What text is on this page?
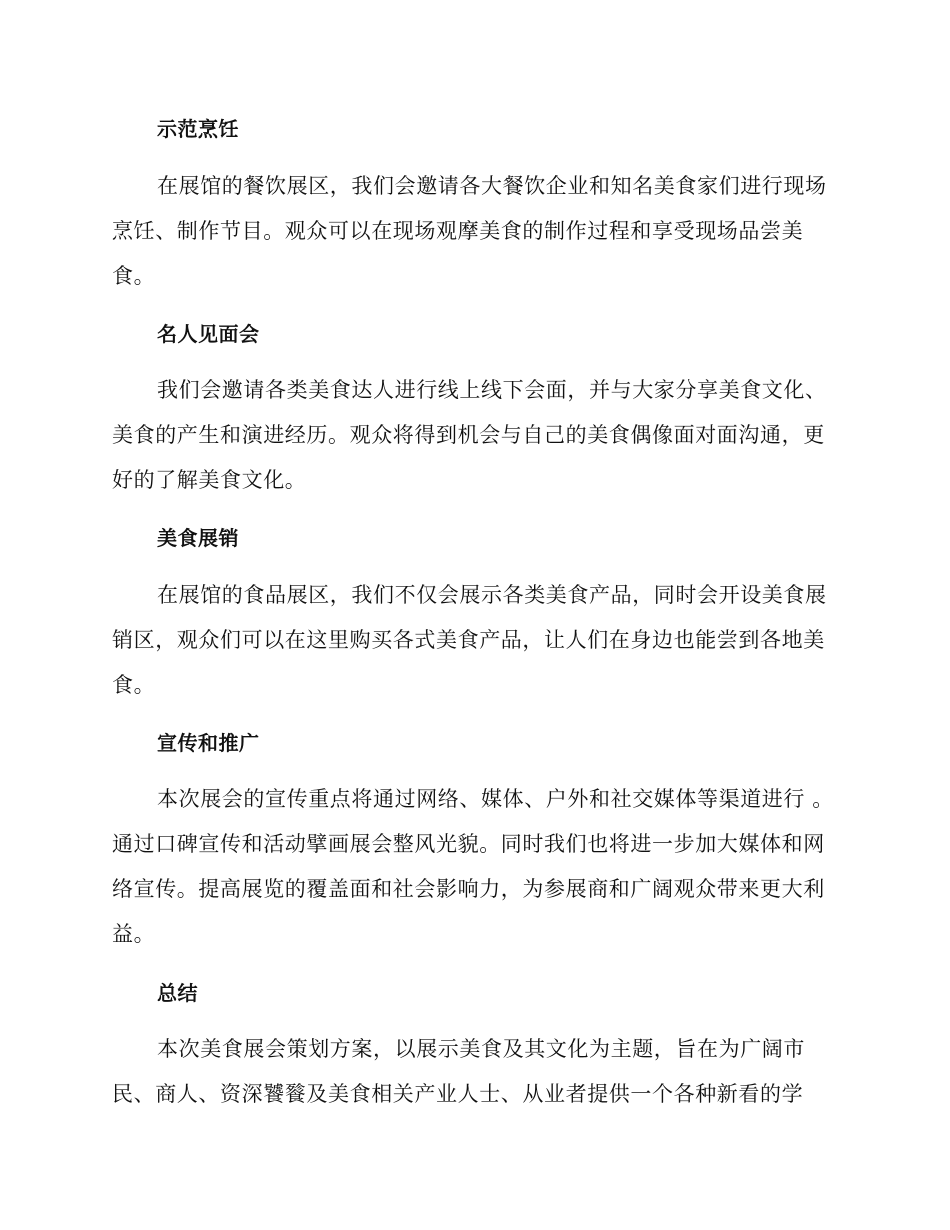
示范烹饪
在展馆的餐饮展区，我们会邀请各大餐饮企业和知名美食家们进行现场
烹饪、制作节目。观众可以在现场观摩美食的制作过程和享受现场品尝美
食。
名人见面会
我们会邀请各类美食达人进行线上线下会面，并与大家分享美食文化、
美食的产生和演进经历。观众将得到机会与自己的美食偶像面对面沟通，更
好的了解美食文化。
美食展销
在展馆的食品展区，我们不仅会展示各类美食产品，同时会开设美食展
销区，观众们可以在这里购买各式美食产品，让人们在身边也能尝到各地美
食。
宣传和推广
本次展会的宣传重点将通过网络、媒体、户外和社交媒体等渠道进行 。
通过口碑宣传和活动擘画展会整风光貌。同时我们也将进一步加大媒体和网
络宣传。提高展览的覆盖面和社会影响力，为参展商和广阔观众带来更大利
益。
总结
本次美食展会策划方案，以展示美食及其文化为主题，旨在为广阔市
民、商人、资深饕餮及美食相关产业人士、从业者提供一个各种新看的学
